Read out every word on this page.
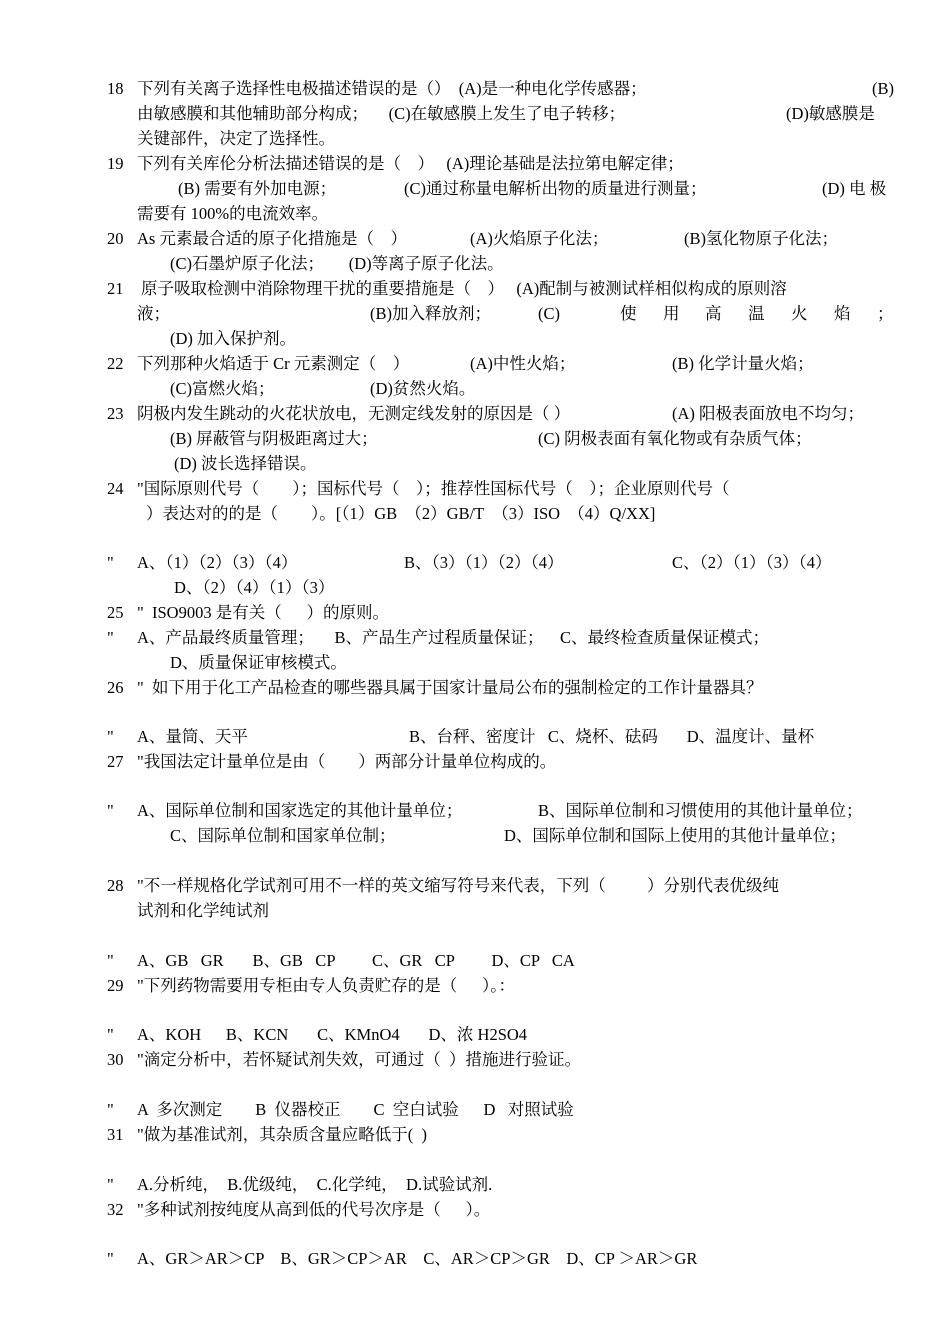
18 下列有关离子选择性电极描述错误的是（）  (A)是一种电化学传感器；	(B)
由敏感膜和其他辅助部分构成；     (C)在敏感膜上发生了电子转移；	(D)敏感膜是
关键部件，决定了选择性。
19 下列有关库伦分析法描述错误的是（    ）   (A)理论基础是法拉第电解定律；
(B) 需要有外加电源；	(C)通过称量电解析出物的质量进行测量；	(D) 电 极
需要有 100%的电流效率。
20 As 元素最合适的原子化措施是（    ）	(A)火焰原子化法；	(B)氢化物原子化法；
(C)石墨炉原子化法；      (D)等离子原子化法。
21 原子吸取检测中消除物理干扰的重要措施是（    ）   (A)配制与被测试样相似构成的原则溶
液；	(B)加入释放剂；	(C)	使 用 高 温 火 焰 ；
(D) 加入保护剂。
22 下列那种火焰适于 Cr 元素测定（    ）	(A)中性火焰；	(B) 化学计量火焰；
(C)富燃火焰；	(D)贫然火焰。
23 阴极内发生跳动的火花状放电，无测定线发射的原因是（ ）	(A) 阳极表面放电不均匀；
(B) 屏蔽管与阴极距离过大；	(C) 阴极表面有氧化物或有杂质气体；
(D) 波长选择错误。
24 "国际原则代号（        ）；国标代号（    ）；推荐性国标代号（    ）；企业原则代号（
）表达对的的是（        ）。[（1）GB  （2）GB/T  （3）ISO  （4）Q/XX]
" A、（1）（2）（3）（4）	B、（3）（1）（2）（4）	C、（2）（1）（3）（4）
D、（2）（4）（1）（3）
25 "  ISO9003 是有关（      ）的原则。
" A、产品最终质量管理；     B、产品生产过程质量保证；    C、最终检查质量保证模式；
D、质量保证审核模式。
26 "  如下用于化工产品检查的哪些器具属于国家计量局公布的强制检定的工作计量器具？
" A、量筒、天平	B、台秤、密度计   C、烧杯、砝码       D、温度计、量杯
27 "我国法定计量单位是由（        ）两部分计量单位构成的。
" A、国际单位制和国家选定的其他计量单位；	B、国际单位制和习惯使用的其他计量单位；
C、国际单位制和国家单位制；	D、国际单位制和国际上使用的其他计量单位；
28 "不一样规格化学试剂可用不一样的英文缩写符号来代表，下列（          ）分别代表优级纯
试剂和化学纯试剂
" A、GB   GR       B、GB   CP         C、GR   CP         D、CP   CA
29 "下列药物需要用专柜由专人负责贮存的是（      ）。：
" A、KOH      B、KCN       C、KMnO4       D、浓 H2SO4
30 "滴定分析中，若怀疑试剂失效，可通过（  ）措施进行验证。
" A  多次测定        B  仪器校正        C  空白试验      D   对照试验
31 "做为基准试剂，其杂质含量应略低于(  )
" A.分析纯，  B.优级纯，  C.化学纯，  D.试验试剂.
32 "多种试剂按纯度从高到低的代号次序是（      ）。
" A、GR＞AR＞CP    B、GR＞CP＞AR    C、AR＞CP＞GR    D、CP ＞AR＞GR
